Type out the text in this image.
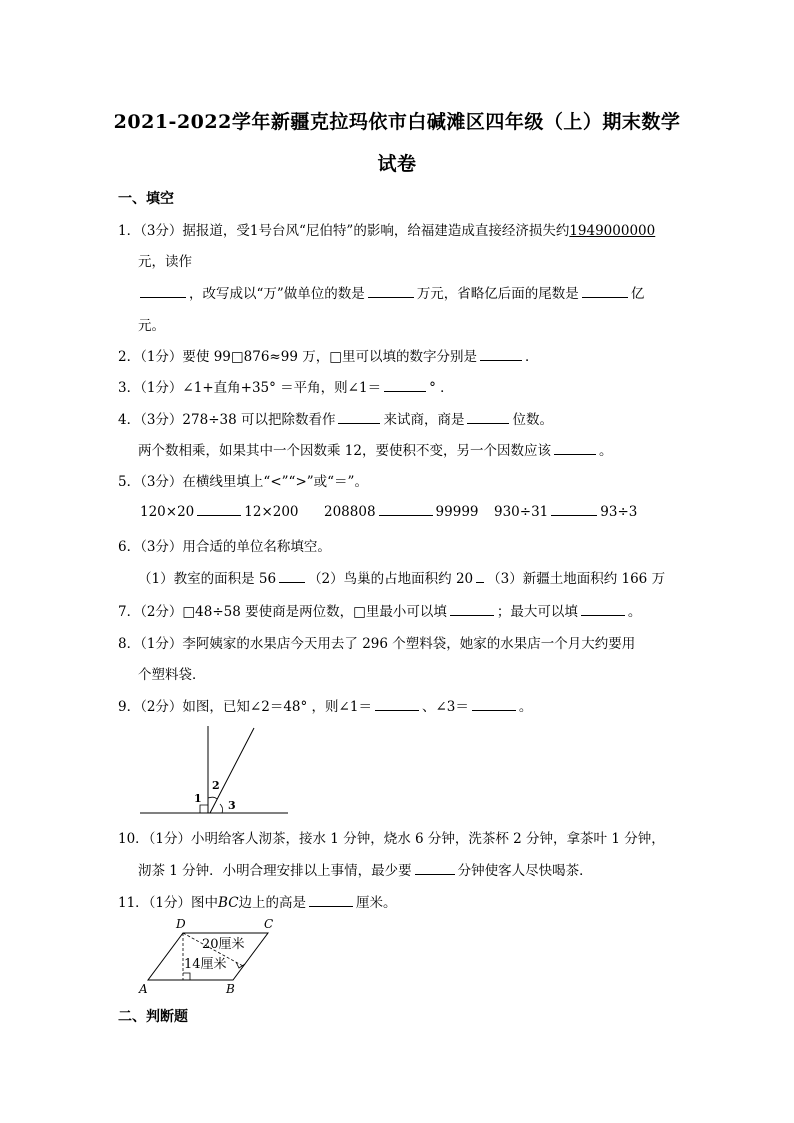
2021-2022学年新疆克拉玛依市白碱滩区四年级（上）期末数学
试卷
一、填空
1．（3分）据报道，受1号台风“尼伯特”的影响，给福建造成直接经济损失约1949000000
元，读作
，改写成以“万”做单位的数是	万元，省略亿后面的尾数是	亿
元。
2．（1分）要使 99□876≈99 万，□里可以填的数字分别是	．
3．（1分）∠1+直角+35° ＝平角，则∠1＝	° ．
4．（3分）278÷38 可以把除数看作	来试商，商是	位数。
两个数相乘，如果其中一个因数乘 12，要使积不变，另一个因数应该	。
5．（3分）在横线里填上“<”“>”或“＝”。
120×20	12×200 208808	99999 930÷31	93÷3
6．（3分）用合适的单位名称填空。
（1）教室的面积是 56 （2）鸟巢的占地面积约 20 （3）新疆土地面积约 166 万
7．（2分）□48÷58 要使商是两位数，□里最小可以填	；最大可以填	。
8．（1分）李阿姨家的水果店今天用去了 296 个塑料袋，她家的水果店一个月大约要用
个塑料袋．
9．（2分）如图，已知∠2＝48° ，则∠1＝	、∠3＝	。
1
2
3
10．（1分）小明给客人沏茶，接水 1 分钟，烧水 6 分钟，洗茶杯 2 分钟，拿茶叶 1 分钟，
沏茶 1 分钟．小明合理安排以上事情，最少要	分钟使客人尽快喝茶．
11．（1分）图中BC边上的高是	厘米。
20厘米
14厘米
A	B
C
D
二、判断题
